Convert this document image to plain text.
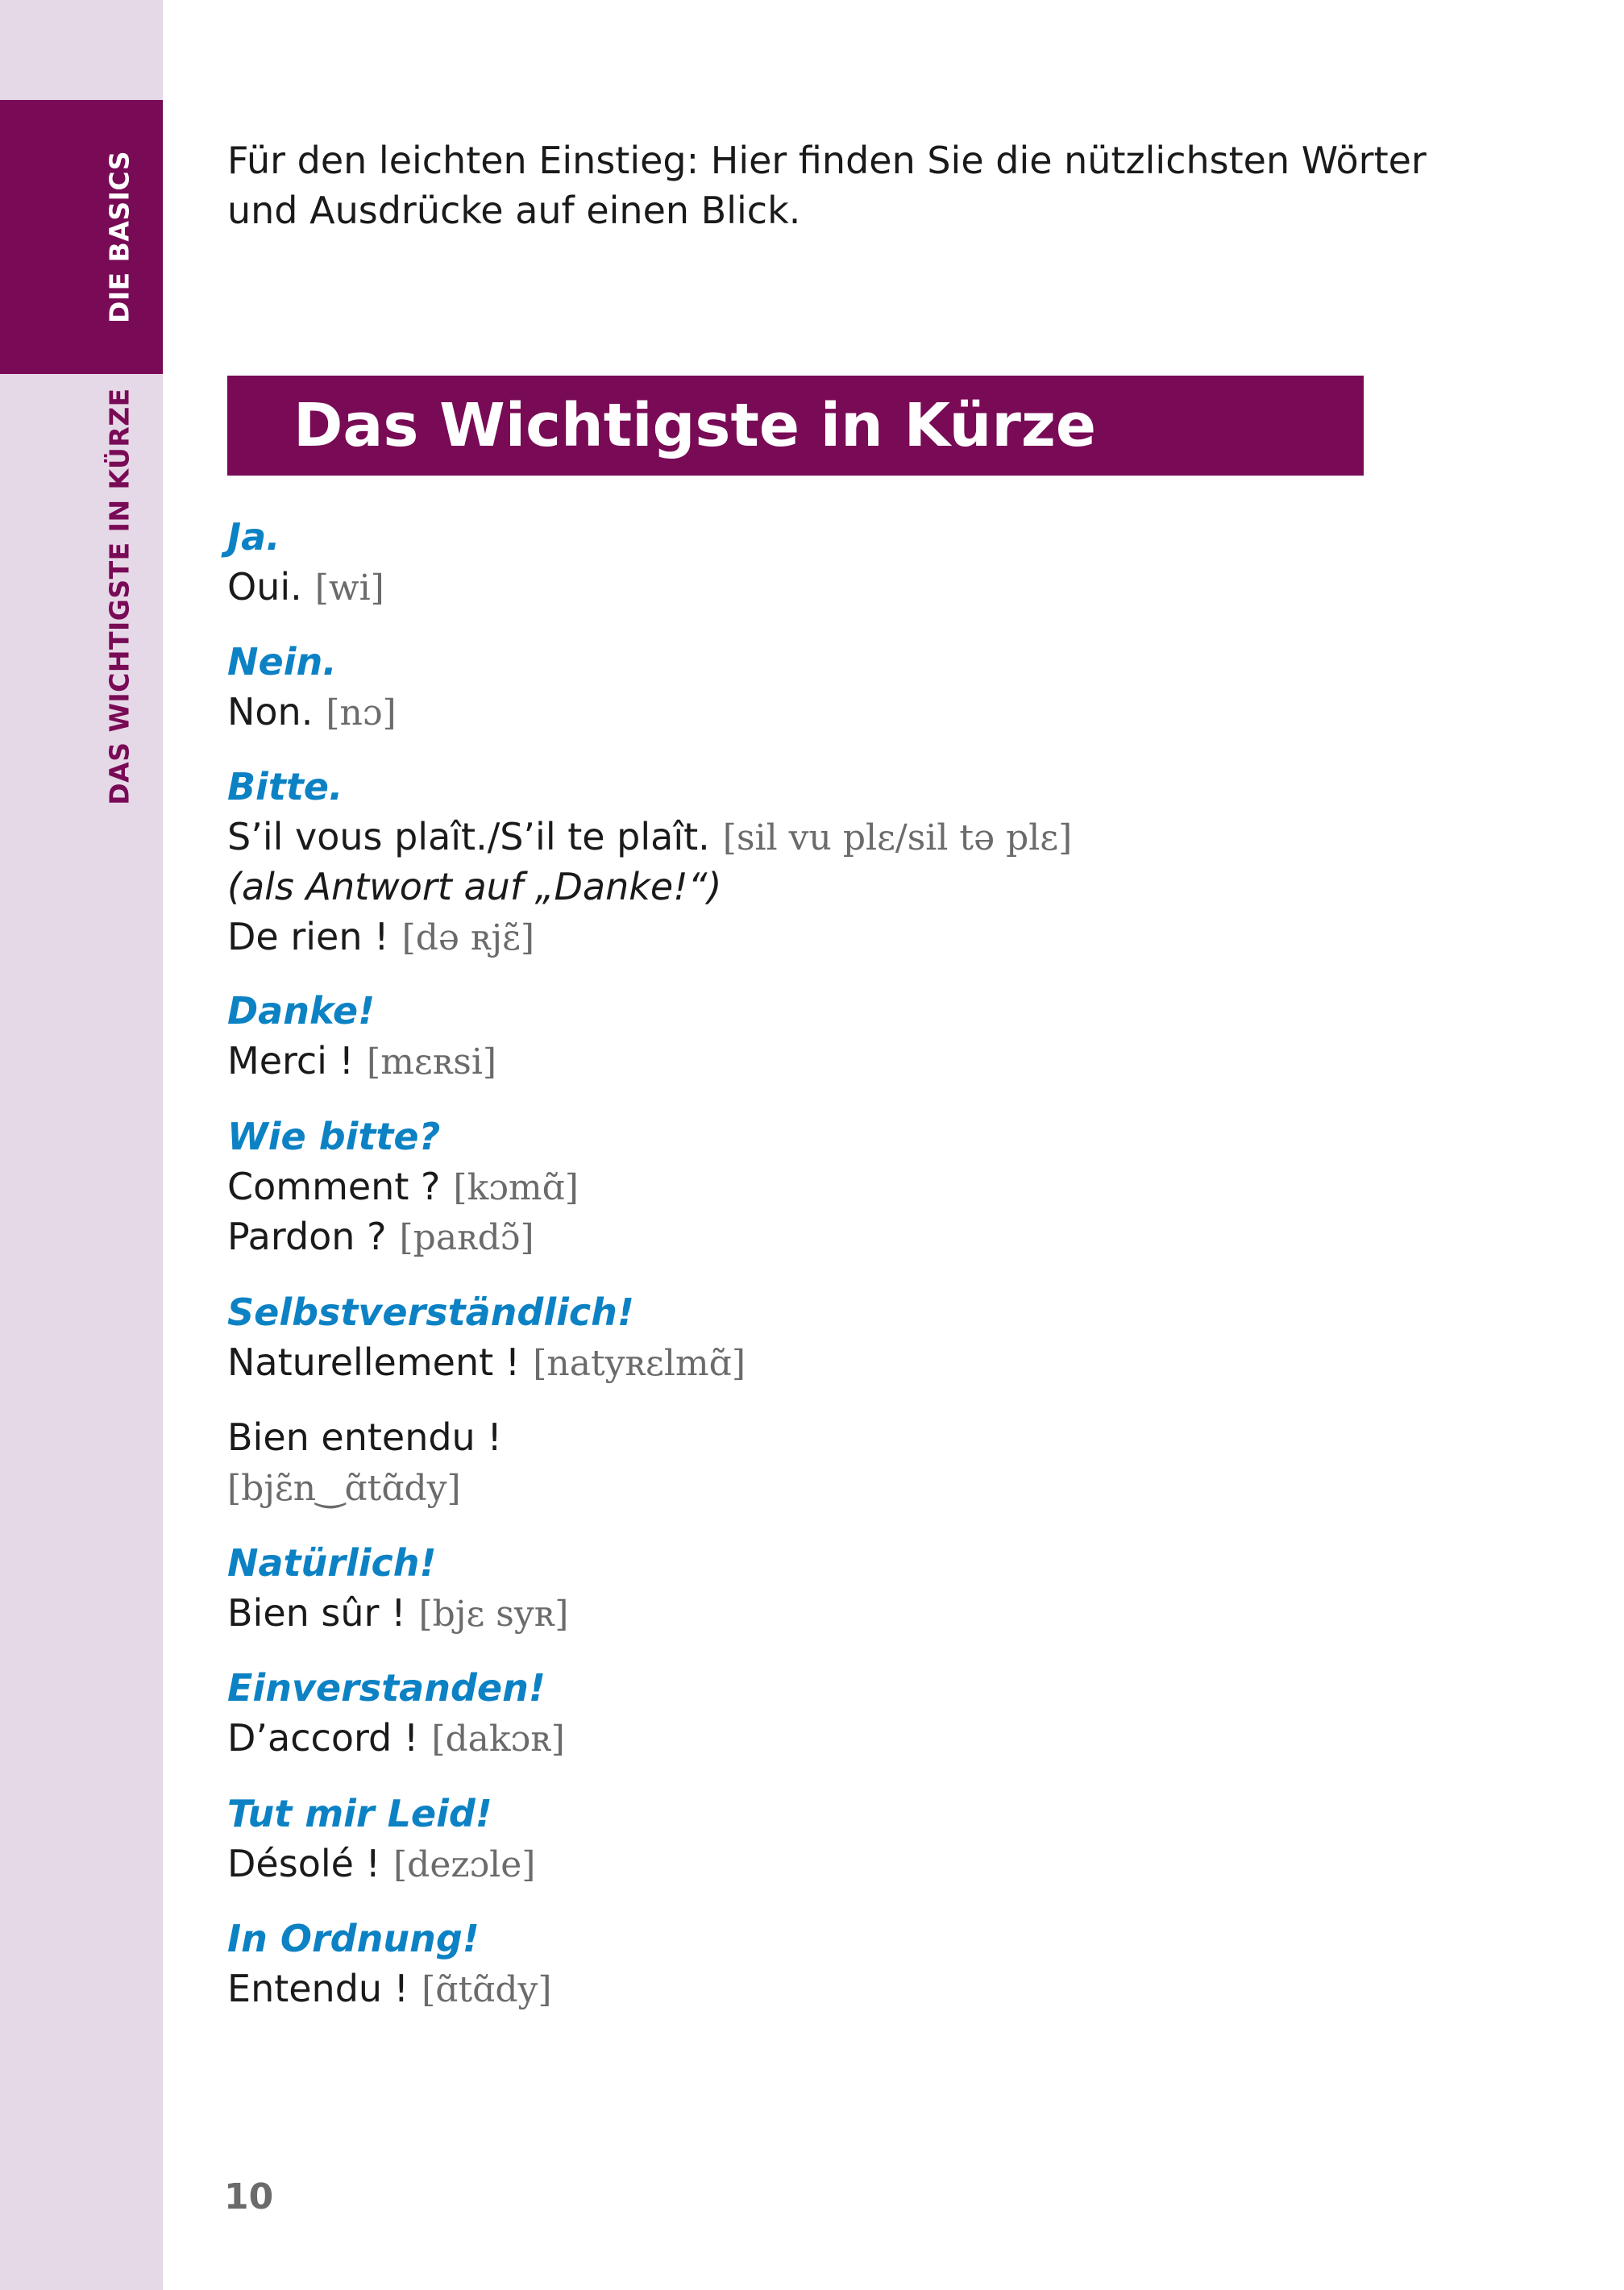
DIE BASICS
DAS WICHTIGSTE IN KÜRZE
Für den leichten Einstieg: Hier finden Sie die nützlichsten Wörter und Ausdrücke auf einen Blick.
Das Wichtigste in Kürze
Ja.
Oui. [wi]
Nein.
Non. [nɔ]
Bitte.
S’il vous plaît./S’il te plaît. [sil vu plɛ/sil tə plɛ]
(als Antwort auf „Danke!“)
De rien ! [də ʀjɛ̃]
Danke!
Merci ! [mɛʀsi]
Wie bitte?
Comment ? [kɔmɑ̃]
Pardon ? [paʀdɔ̃]
Selbstverständlich!
Naturellement ! [natyʀɛlmɑ̃]
Bien entendu !
[bjɛ̃n‿ɑ̃tɑ̃dy]
Natürlich!
Bien sûr ! [bjɛ syʀ]
Einverstanden!
D’accord ! [dakɔʀ]
Tut mir Leid!
Désolé ! [dezɔle]
In Ordnung!
Entendu ! [ɑ̃tɑ̃dy]
10
